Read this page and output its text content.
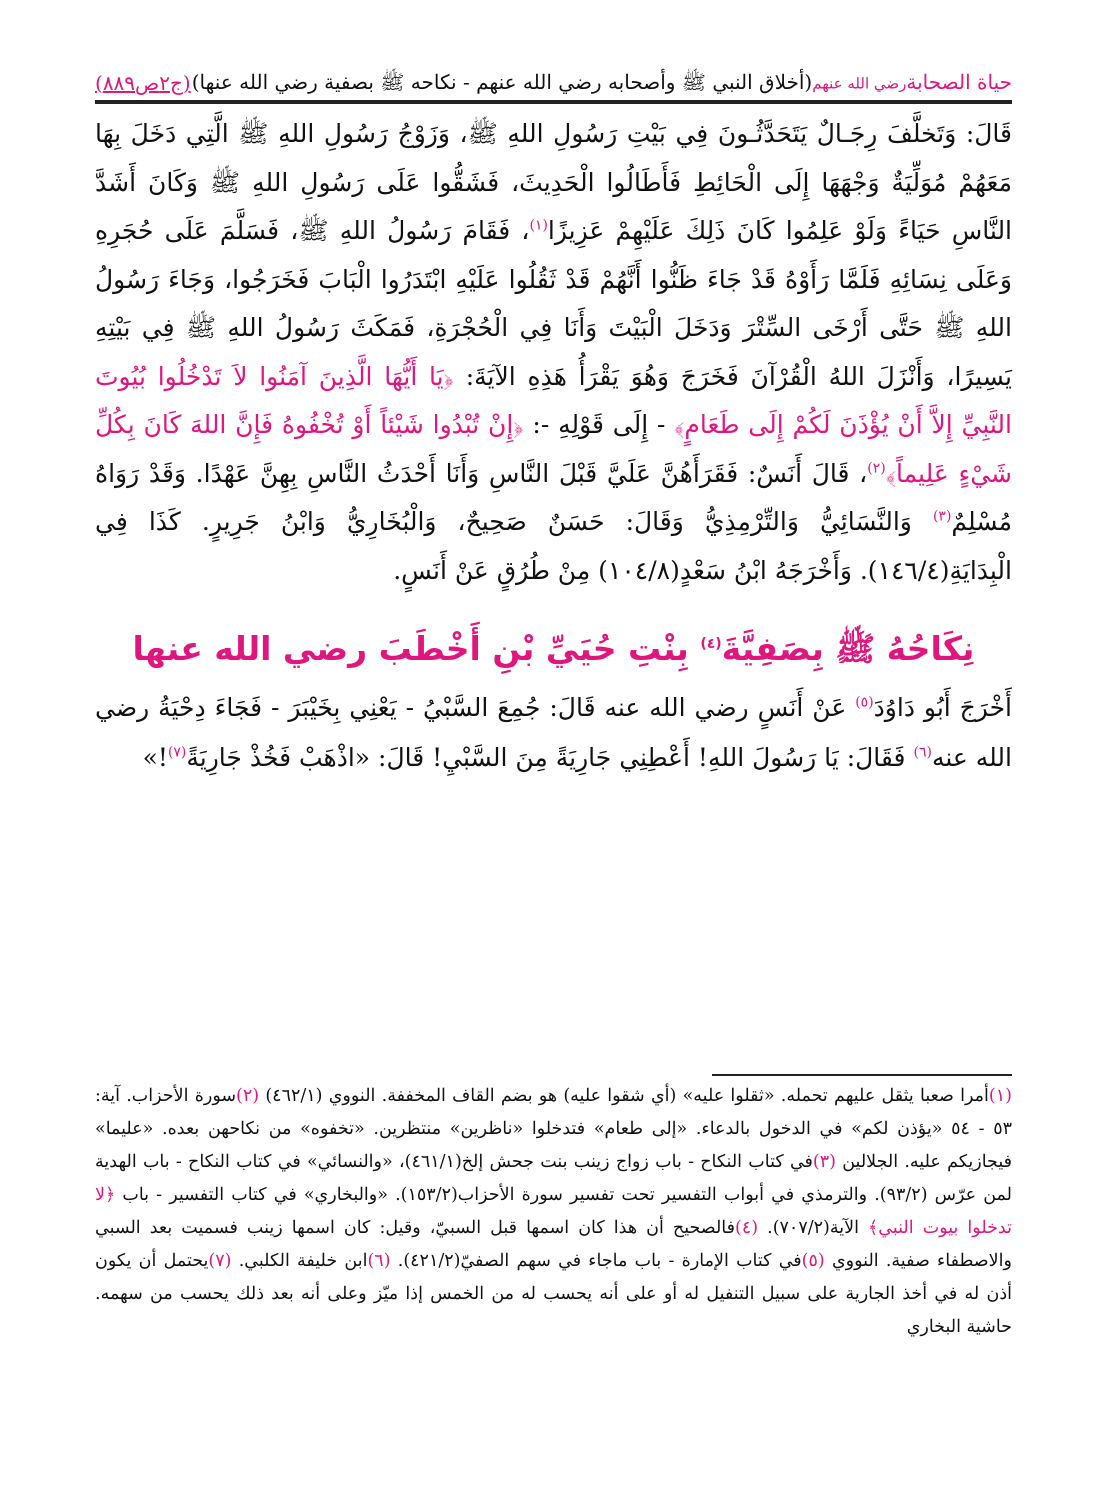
حياة الصحابةرضي الله عنهم(أخلاق النبي ﷺ وأصحابه رضي الله عنهم - نكاحه ﷺ بصفية رضي الله عنها)
(ج٢ص٨٨٩)

قَالَ: وَتَخلَّفَ رِجَـالٌ يَتَحَدَّثُـونَ فِي بَيْتِ رَسُولِ اللهِ ﷺ، وَزَوْجُ رَسُولِ اللهِ ﷺ الَّتِي دَخَلَ بِهَا مَعَهُمْ مُوَلِّيَةٌ وَجْهَهَا إِلَى الْحَائِطِ فَأَطَالُوا الْحَدِيثَ، فَشَقُّوا عَلَى رَسُولِ اللهِ ﷺ وَكَانَ أَشَدَّ النَّاسِ حَيَاءً وَلَوْ عَلِمُوا كَانَ ذَلِكَ عَلَيْهِمْ عَزِيزًا$^{(١)}$، فَقَامَ رَسُولُ اللهِ ﷺ، فَسَلَّمَ عَلَى حُجَرِهِ وَعَلَى نِسَائِهِ فَلَمَّا رَأَوْهُ قَدْ جَاءَ ظَنُّوا أَنَّهُمْ قَدْ ثَقُلُوا عَلَيْهِ ابْتَدَرُوا الْبَابَ فَخَرَجُوا، وَجَاءَ رَسُولُ اللهِ ﷺ حَتَّى أَرْخَى السِّتْرَ وَدَخَلَ الْبَيْتَ وَأَنَا فِي الْحُجْرَةِ، فَمَكَثَ رَسُولُ اللهِ ﷺ فِي بَيْتِهِ يَسِيرًا، وَأَنْزَلَ اللهُ الْقُرْآنَ فَخَرَجَ وَهُوَ يَقْرَأُ هَذِهِ الآيَةَ: ﴿يَا أَيُّهَا الَّذِينَ آمَنُوا لاَ تَدْخُلُوا بُيُوتَ النَّبِيِّ إِلاَّ أَنْ يُؤْذَنَ لَكُمْ إِلَى طَعَامٍ﴾ - إِلَى قَوْلِهِ -: ﴿إِنْ تُبْدُوا شَيْئاً أَوْ تُخْفُوهُ فَإِنَّ اللهَ كَانَ بِكُلِّ شَيْءٍ عَلِيماً﴾$^{(٢)}$، قَالَ أَنَسٌ: فَقَرَأَهُنَّ عَلَيَّ قَبْلَ النَّاسِ وَأَنَا أَحْدَثُ النَّاسِ بِهِنَّ عَهْدًا. وَقَدْ رَوَاهُ مُسْلِمٌ$^{(٣)}$ وَالنَّسَائِيُّ وَالتِّرْمِذِيُّ وَقَالَ: حَسَنٌ صَحِيحٌ، وَالْبُخَارِيُّ وَابْنُ جَرِيرٍ. كَذَا فِي الْبِدَايَةِ(١٤٦/٤). وَأَخْرَجَهُ ابْنُ سَعْدٍ(١٠٤/٨) مِنْ طُرُقٍ عَنْ أَنَسٍ.

نِكَاحُهُ ﷺ بِصَفِيَّةَ$^{(٤)}$ بِنْتِ حُيَيِّ بْنِ أَخْطَبَ رضي الله عنها
أَخْرَجَ أَبُو دَاوُدَ$^{(٥)}$ عَنْ أَنَسٍ رضي الله عنه قَالَ: جُمِعَ السَّبْيُ - يَعْنِي بِخَيْبَرَ - فَجَاءَ دِحْيَةُ رضي الله عنه$^{(٦)}$ فَقَالَ: يَا رَسُولَ اللهِ! أَعْطِنِي جَارِيَةً مِنَ السَّبْيِ! قَالَ: «اذْهَبْ فَخُذْ جَارِيَةً$^{(٧)}$!»
(١)أمرا صعبا يثقل عليهم تحمله. «ثقلوا عليه» (أي شقوا عليه) هو بضم القاف المخففة. النووي (٤٦٢/١) (٢)سورة الأحزاب. آية: ٥٣ - ٥٤ «يؤذن لكم» في الدخول بالدعاء. «إلى طعام» فتدخلوا «ناظرين» منتظرين. «تخفوه» من نكاحهن بعده. «عليما» فيجازيكم عليه. الجلالين (٣)في كتاب النكاح - باب زواج زينب بنت جحش إلخ(٤٦١/١)، «والنسائي» في كتاب النكاح - باب الهدية لمن عرّس (٩٣/٢). والترمذي في أبواب التفسير تحت تفسير سورة الأحزاب(١٥٣/٢). «والبخاري» في كتاب التفسير - باب ﴿لا تدخلوا بيوت النبي﴾ الآية(٧٠٧/٢). (٤)فالصحيح أن هذا كان اسمها قبل السبيّ، وقيل: كان اسمها زينب فسميت بعد السبي والاصطفاء صفية. النووي (٥)في كتاب الإمارة - باب ماجاء في سهم الصفيّ(٤٢١/٢). (٦)ابن خليفة الكلبي. (٧)يحتمل أن يكون أذن له في أخذ الجارية على سبيل التنفيل له أو على أنه يحسب له من الخمس إذا ميّز وعلى أنه بعد ذلك يحسب من سهمه. حاشية البخاري
